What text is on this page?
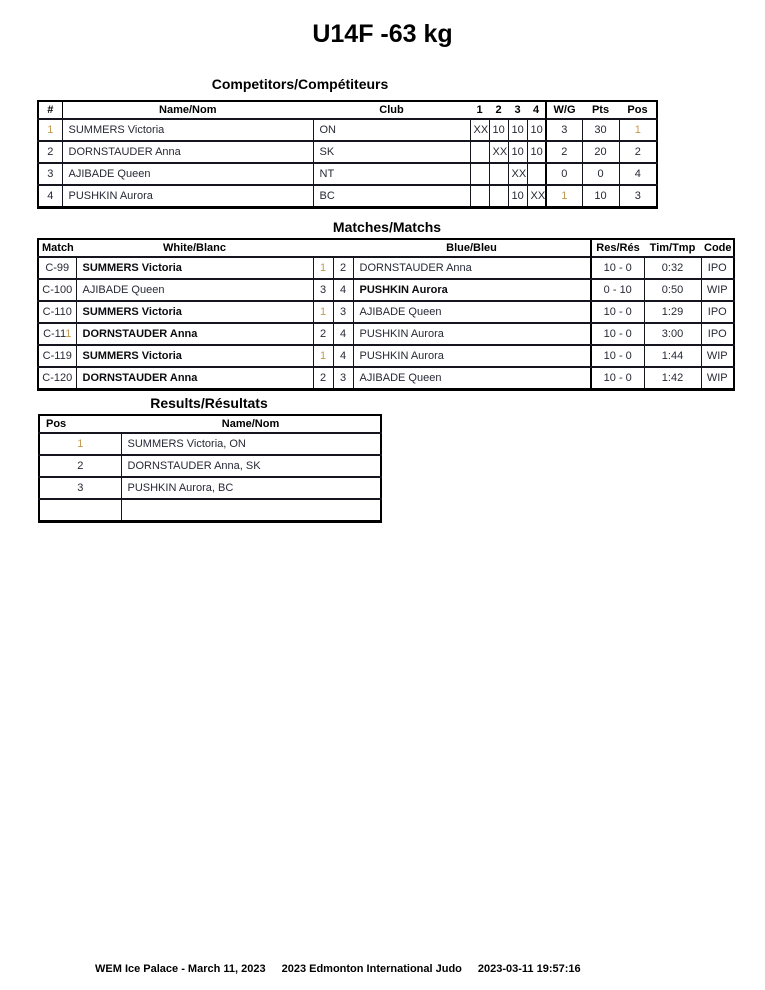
U14F -63 kg
Competitors/Compétiteurs
#	Name/Nom	Club	1	2	3	4	W/G	Pts	Pos
1	SUMMERS Victoria	ON	XX	10	10	10	3	30	1
2	DORNSTAUDER Anna	SK		XX	10	10	2	20	2
3	AJIBADE Queen	NT			XX		0	0	4
4	PUSHKIN Aurora	BC			10	XX	1	10	3
Matches/Matchs
Match	White/Blanc			Blue/Bleu	Res/Rés	Tim/Tmp	Code
C-99	SUMMERS Victoria	1	2	DORNSTAUDER Anna	10 - 0	0:32	IPO
C-100	AJIBADE Queen	3	4	PUSHKIN Aurora	0 - 10	0:50	WIP
C-110	SUMMERS Victoria	1	3	AJIBADE Queen	10 - 0	1:29	IPO
C-111	DORNSTAUDER Anna	2	4	PUSHKIN Aurora	10 - 0	3:00	IPO
C-119	SUMMERS Victoria	1	4	PUSHKIN Aurora	10 - 0	1:44	WIP
C-120	DORNSTAUDER Anna	2	3	AJIBADE Queen	10 - 0	1:42	WIP
Results/Résultats
Pos	Name/Nom
1	SUMMERS Victoria, ON
2	DORNSTAUDER Anna, SK
3	PUSHKIN Aurora, BC

WEM Ice Palace - March 11, 2023 2023 Edmonton International Judo 2023-03-11 19:57:16
